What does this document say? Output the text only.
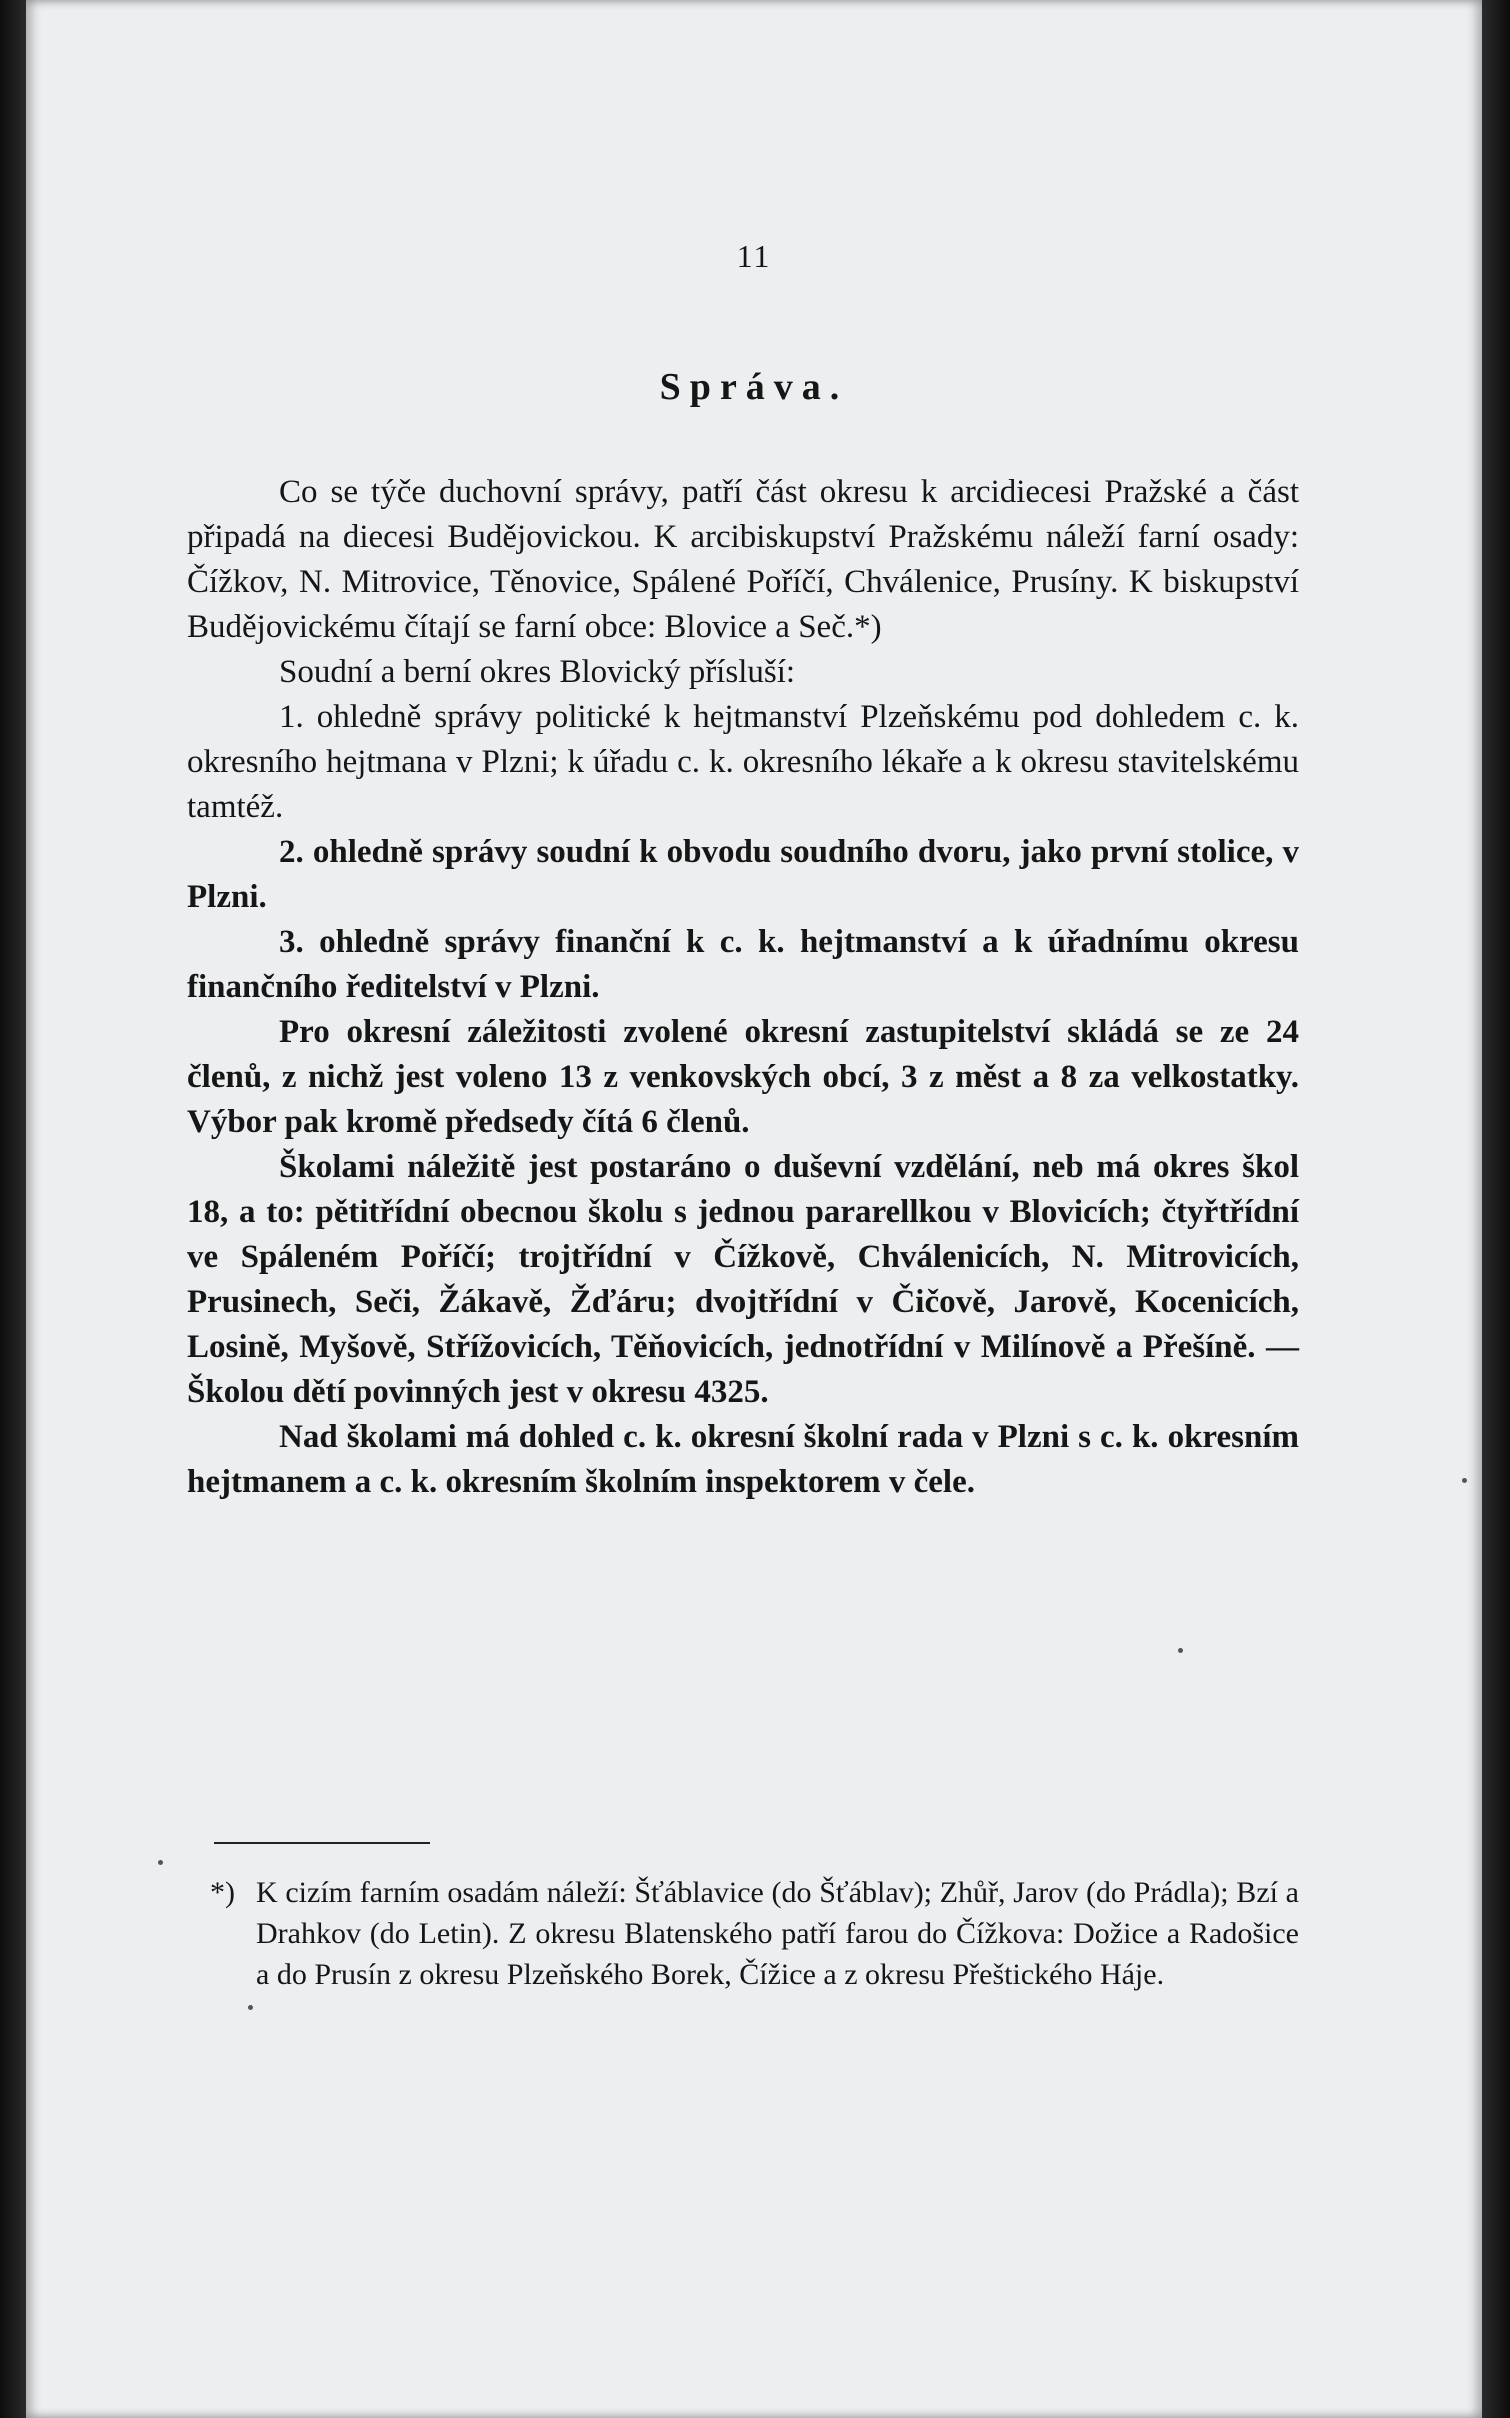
11
Správa.

Co se týče duchovní správy, patří část okresu k arcidiecesi Pražské a část připadá na diecesi Budějovickou. K arcibiskupství Pražskému náleží farní osady: Čížkov, N. Mitrovice, Těnovice, Spálené Poříčí, Chválenice, Prusíny. K biskupství Budějovickému čítají se farní obce: Blovice a Seč.*)

Soudní a berní okres Blovický přísluší:

1. ohledně správy politické k hejtmanství Plzeňskému pod dohledem c. k. okresního hejtmana v Plzni; k úřadu c. k. okresního lékaře a k okresu stavitelskému tamtéž.

2. ohledně správy soudní k obvodu soudního dvoru, jako první stolice, v Plzni.

3. ohledně správy finanční k c. k. hejtmanství a k úřadnímu okresu finančního ředitelství v Plzni.

Pro okresní záležitosti zvolené okresní zastupitelství skládá se ze 24 členů, z nichž jest voleno 13 z venkovských obcí, 3 z měst a 8 za velkostatky. Výbor pak kromě předsedy čítá 6 členů.

Školami náležitě jest postaráno o duševní vzdělání, neb má okres škol 18, a to: pětitřídní obecnou školu s jednou pararellkou v Blovicích; čtyřtřídní ve Spáleném Poříčí; trojtřídní v Čížkově, Chválenicích, N. Mitrovicích, Prusinech, Seči, Žákavě, Žďáru; dvojtřídní v Čičově, Jarově, Kocenicích, Losině, Myšově, Střížovicích, Těňovicích, jednotřídní v Milínově a Přešíně. — Školou dětí povinných jest v okresu 4325.

Nad školami má dohled c. k. okresní školní rada v Plzni s c. k. okresním hejtmanem a c. k. okresním školním inspektorem v čele.

*) K cizím farním osadám náleží: Šťáblavice (do Šťáblav); Zhůř, Jarov (do Prádla); Bzí a Drahkov (do Letin). Z okresu Blatenského patří farou do Čížkova: Dožice a Radošice a do Prusín z okresu Plzeňského Borek, Čížice a z okresu Přeštického Háje.
